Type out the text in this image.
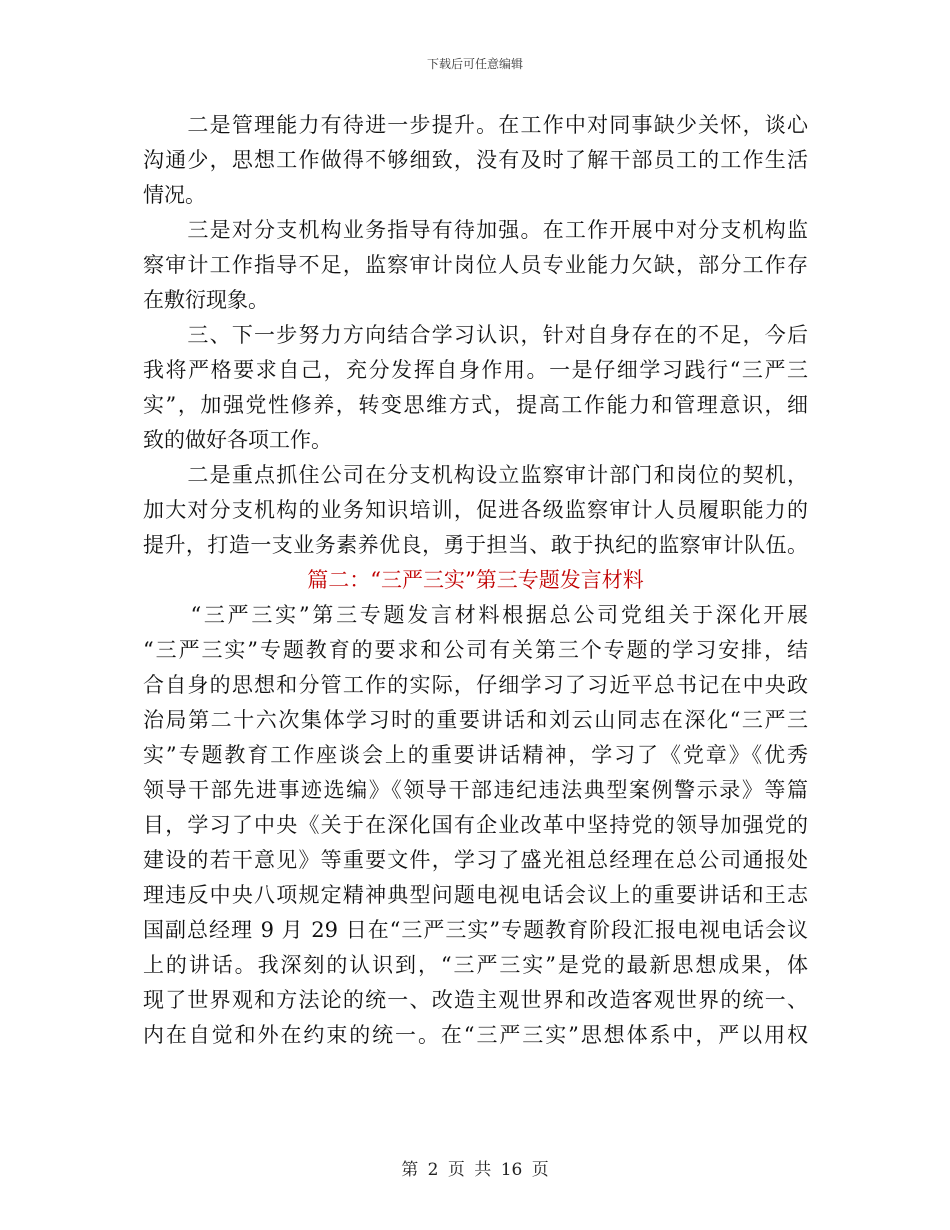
下载后可任意编辑
　　二是管理能力有待进一步提升。在工作中对同事缺少关怀，谈心
沟通少，思想工作做得不够细致，没有及时了解干部员工的工作生活
情况。
　　三是对分支机构业务指导有待加强。在工作开展中对分支机构监
察审计工作指导不足，监察审计岗位人员专业能力欠缺，部分工作存
在敷衍现象。
　　三、下一步努力方向结合学习认识，针对自身存在的不足，今后
我将严格要求自己，充分发挥自身作用。一是仔细学习践行“三严三
实”，加强党性修养，转变思维方式，提高工作能力和管理意识，细
致的做好各项工作。
　　二是重点抓住公司在分支机构设立监察审计部门和岗位的契机，
加大对分支机构的业务知识培训，促进各级监察审计人员履职能力的
提升，打造一支业务素养优良，勇于担当、敢于执纪的监察审计队伍。
篇二：“三严三实”第三专题发言材料
　　“三严三实”第三专题发言材料根据总公司党组关于深化开展
“三严三实”专题教育的要求和公司有关第三个专题的学习安排，结
合自身的思想和分管工作的实际，仔细学习了习近平总书记在中央政
治局第二十六次集体学习时的重要讲话和刘云山同志在深化“三严三
实”专题教育工作座谈会上的重要讲话精神，学习了《党章》《优秀
领导干部先进事迹选编》《领导干部违纪违法典型案例警示录》等篇
目，学习了中央《关于在深化国有企业改革中坚持党的领导加强党的
建设的若干意见》等重要文件，学习了盛光祖总经理在总公司通报处
理违反中央八项规定精神典型问题电视电话会议上的重要讲话和王志
国副总经理 9 月 29 日在“三严三实”专题教育阶段汇报电视电话会议
上的讲话。我深刻的认识到，“三严三实”是党的最新思想成果，体
现了世界观和方法论的统一、改造主观世界和改造客观世界的统一、
内在自觉和外在约束的统一。在“三严三实”思想体系中，严以用权
第 2 页 共 16 页
